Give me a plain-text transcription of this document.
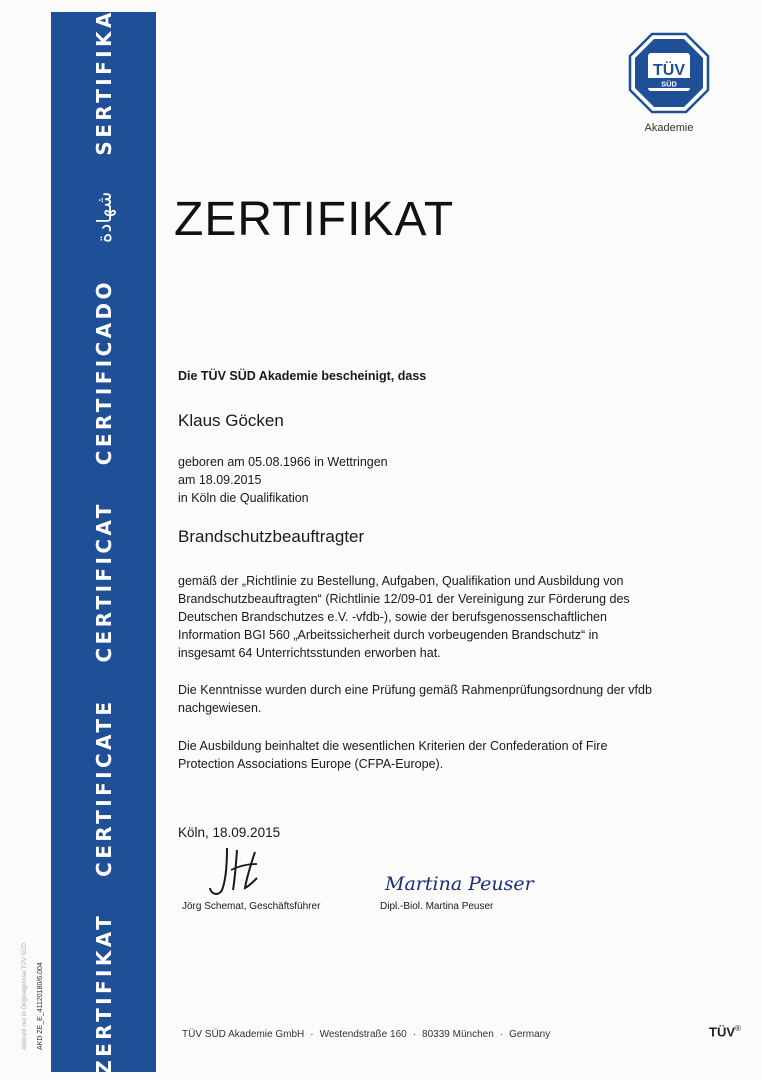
ZERTIFIKAT
CERTIFICATE
CERTIFICAT
CERTIFICADO
شهادة
SERTIFIKA
Abdruck nur in Originalgrösse TÜV SÜD AKD ZE_E_41120180/6.004
TÜV
SÜD
Akademie
ZERTIFIKAT
Die TÜV SÜD Akademie bescheinigt, dass
Klaus Göcken
geboren am 05.08.1966 in Wettringen
am 18.09.2015
in Köln die Qualifikation
Brandschutzbeauftragter
gemäß der „Richtlinie zu Bestellung, Aufgaben, Qualifikation und Ausbildung von Brandschutzbeauftragten“ (Richtlinie 12/09-01 der Vereinigung zur Förderung des Deutschen Brandschutzes e.V. -vfdb-), sowie der berufsgenossenschaftlichen Information BGI 560 „Arbeitssicherheit durch vorbeugenden Brandschutz“ in insgesamt 64 Unterrichtsstunden erworben hat.
Die Kenntnisse wurden durch eine Prüfung gemäß Rahmenprüfungsordnung der vfdb nachgewiesen.
Die Ausbildung beinhaltet die wesentlichen Kriterien der Confederation of Fire Protection Associations Europe (CFPA-Europe).
Köln, 18.09.2015
Martina Peuser
Jörg Schemat, Geschäftsführer	Dipl.-Biol. Martina Peuser
TÜV SÜD Akademie GmbH · Westendstraße 160 · 80339 München · Germany	TÜV®
